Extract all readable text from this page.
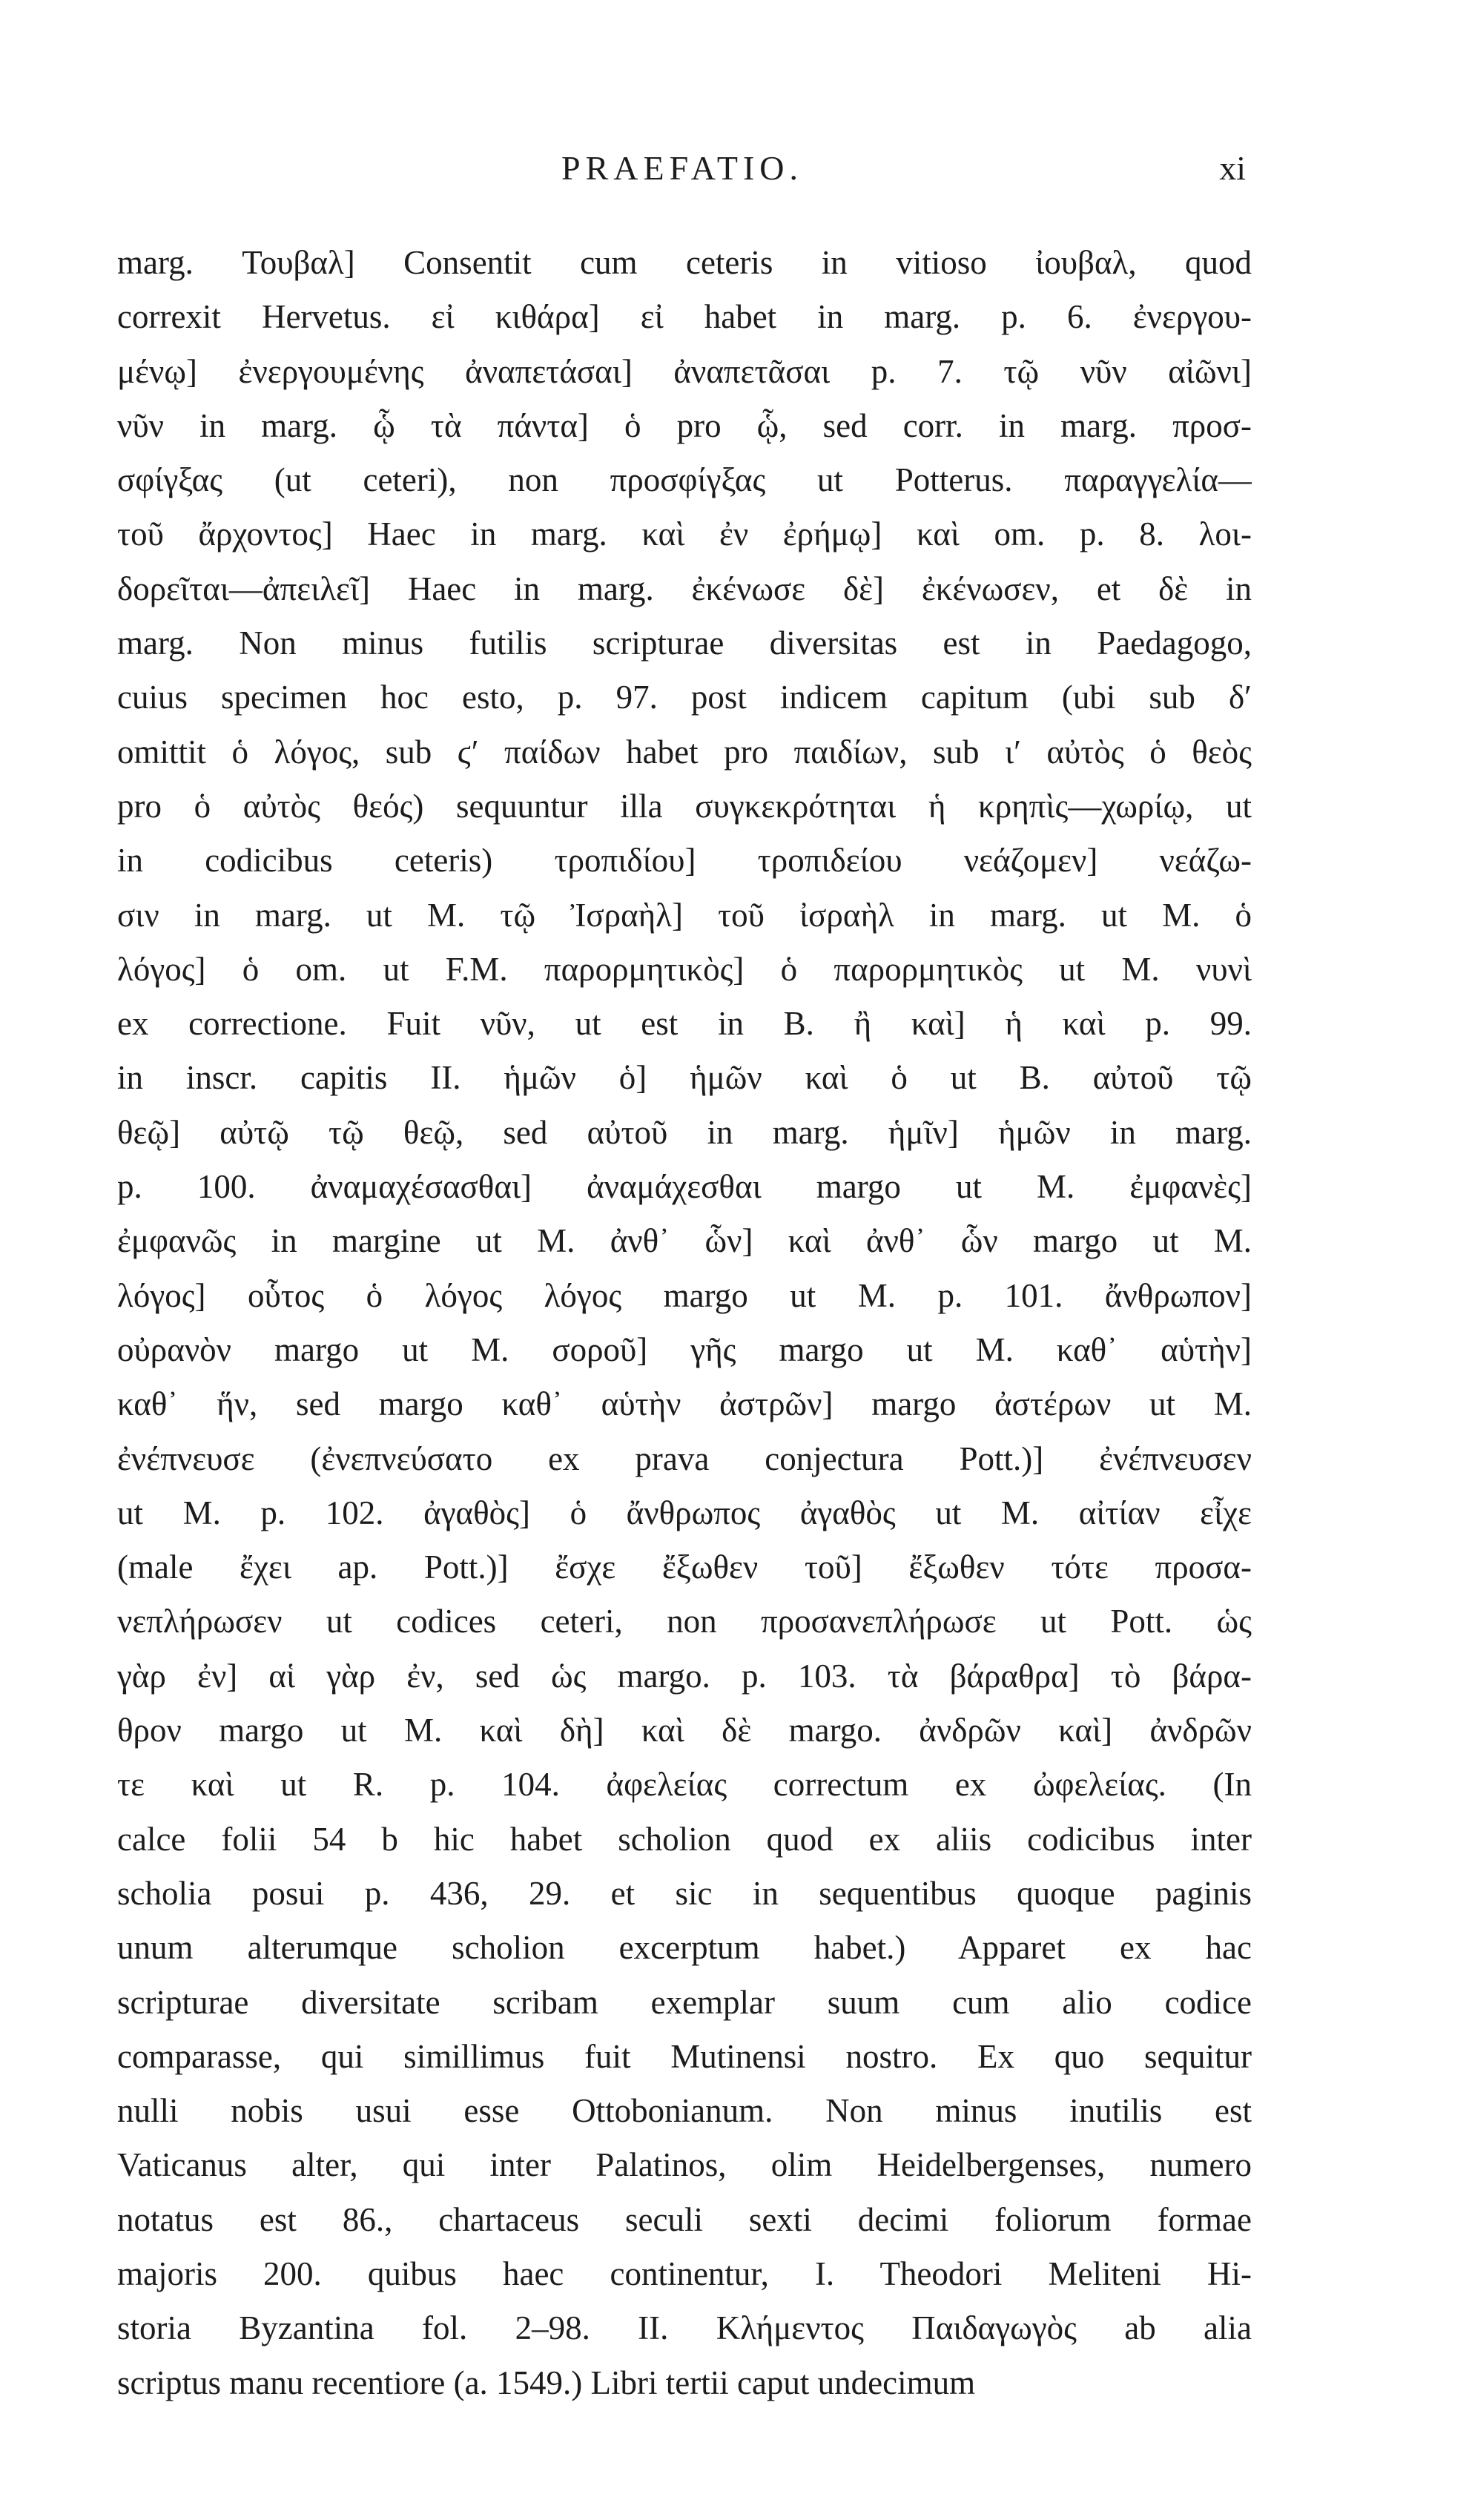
PRAEFATIO.	xi
marg. Τουβαλ] Consentit cum ceteris in vitioso ἰουβαλ, quod
correxit Hervetus. εἰ κιθάρα] εἰ habet in marg. p. 6. ἐνεργου-
μένῳ] ἐνεργουμένης ἀναπετάσαι] ἀναπετᾶσαι p. 7. τῷ νῦν αἰῶνι]
νῦν in marg. ᾧ τὰ πάντα] ὁ pro ᾧ, sed corr. in marg. προσ-
σφίγξας (ut ceteri), non προσφίγξας ut Potterus. παραγγελία—
τοῦ ἄρχοντος] Haec in marg. καὶ ἐν ἐρήμῳ] καὶ om. p. 8. λοι-
δορεῖται—ἀπειλεῖ] Haec in marg. ἐκένωσε δὲ] ἐκένωσεν, et δὲ in
marg. Non minus futilis scripturae diversitas est in Paedagogo,
cuius specimen hoc esto, p. 97. post indicem capitum (ubi sub δ′
omittit ὁ λόγος, sub ϛ′ παίδων habet pro παιδίων, sub ι′ αὐτὸς ὁ θεὸς
pro ὁ αὐτὸς θεός) sequuntur illa συγκεκρότηται ἡ κρηπὶς—χωρίῳ, ut
in codicibus ceteris) τροπιδίου] τροπιδείου νεάζομεν] νεάζω-
σιν in marg. ut M. τῷ Ἰσραὴλ] τοῦ ἰσραὴλ in marg. ut M. ὁ
λόγος] ὁ om. ut F.M. παρορμητικὸς] ὁ παρορμητικὸς ut M. νυνὶ
ex correctione. Fuit νῦν, ut est in B. ἢ καὶ] ἡ καὶ p. 99.
in inscr. capitis II. ἡμῶν ὁ] ἡμῶν καὶ ὁ ut B. αὐτοῦ τῷ
θεῷ] αὐτῷ τῷ θεῷ, sed αὐτοῦ in marg. ἡμῖν] ἡμῶν in marg.
p. 100. ἀναμαχέσασθαι] ἀναμάχεσθαι margo ut M. ἐμφανὲς]
ἐμφανῶς in margine ut M. ἀνθ᾽ ὧν] καὶ ἀνθ᾽ ὧν margo ut M.
λόγος] οὗτος ὁ λόγος λόγος margo ut M. p. 101. ἄνθρωπον]
οὐρανὸν margo ut M. σοροῦ] γῆς margo ut M. καθ᾽ αὑτὴν]
καθ᾽ ἥν, sed margo καθ᾽ αὑτὴν ἀστρῶν] margo ἀστέρων ut M.
ἐνέπνευσε (ἐνεπνεύσατο ex prava conjectura Pott.)] ἐνέπνευσεν
ut M. p. 102. ἀγαθὸς] ὁ ἄνθρωπος ἀγαθὸς ut M. αἰτίαν εἶχε
(male ἔχει ap. Pott.)] ἔσχε ἔξωθεν τοῦ] ἔξωθεν τότε προσα-
νεπλήρωσεν ut codices ceteri, non προσανεπλήρωσε ut Pott. ὡς
γὰρ ἐν] αἱ γὰρ ἐν, sed ὡς margo. p. 103. τὰ βάραθρα] τὸ βάρα-
θρον margo ut M. καὶ δὴ] καὶ δὲ margo. ἀνδρῶν καὶ] ἀνδρῶν
τε καὶ ut R. p. 104. ἀφελείας correctum ex ὠφελείας. (In
calce folii 54 b hic habet scholion quod ex aliis codicibus inter
scholia posui p. 436, 29. et sic in sequentibus quoque paginis
unum alterumque scholion excerptum habet.) Apparet ex hac
scripturae diversitate scribam exemplar suum cum alio codice
comparasse, qui simillimus fuit Mutinensi nostro. Ex quo sequitur
nulli nobis usui esse Ottobonianum. Non minus inutilis est
Vaticanus alter, qui inter Palatinos, olim Heidelbergenses, numero
notatus est 86., chartaceus seculi sexti decimi foliorum formae
majoris 200. quibus haec continentur, I. Theodori Meliteni Hi-
storia Byzantina fol. 2–98. II. Κλήμεντος Παιδαγωγὸς ab alia
scriptus manu recentiore (a. 1549.) Libri tertii caput undecimum
